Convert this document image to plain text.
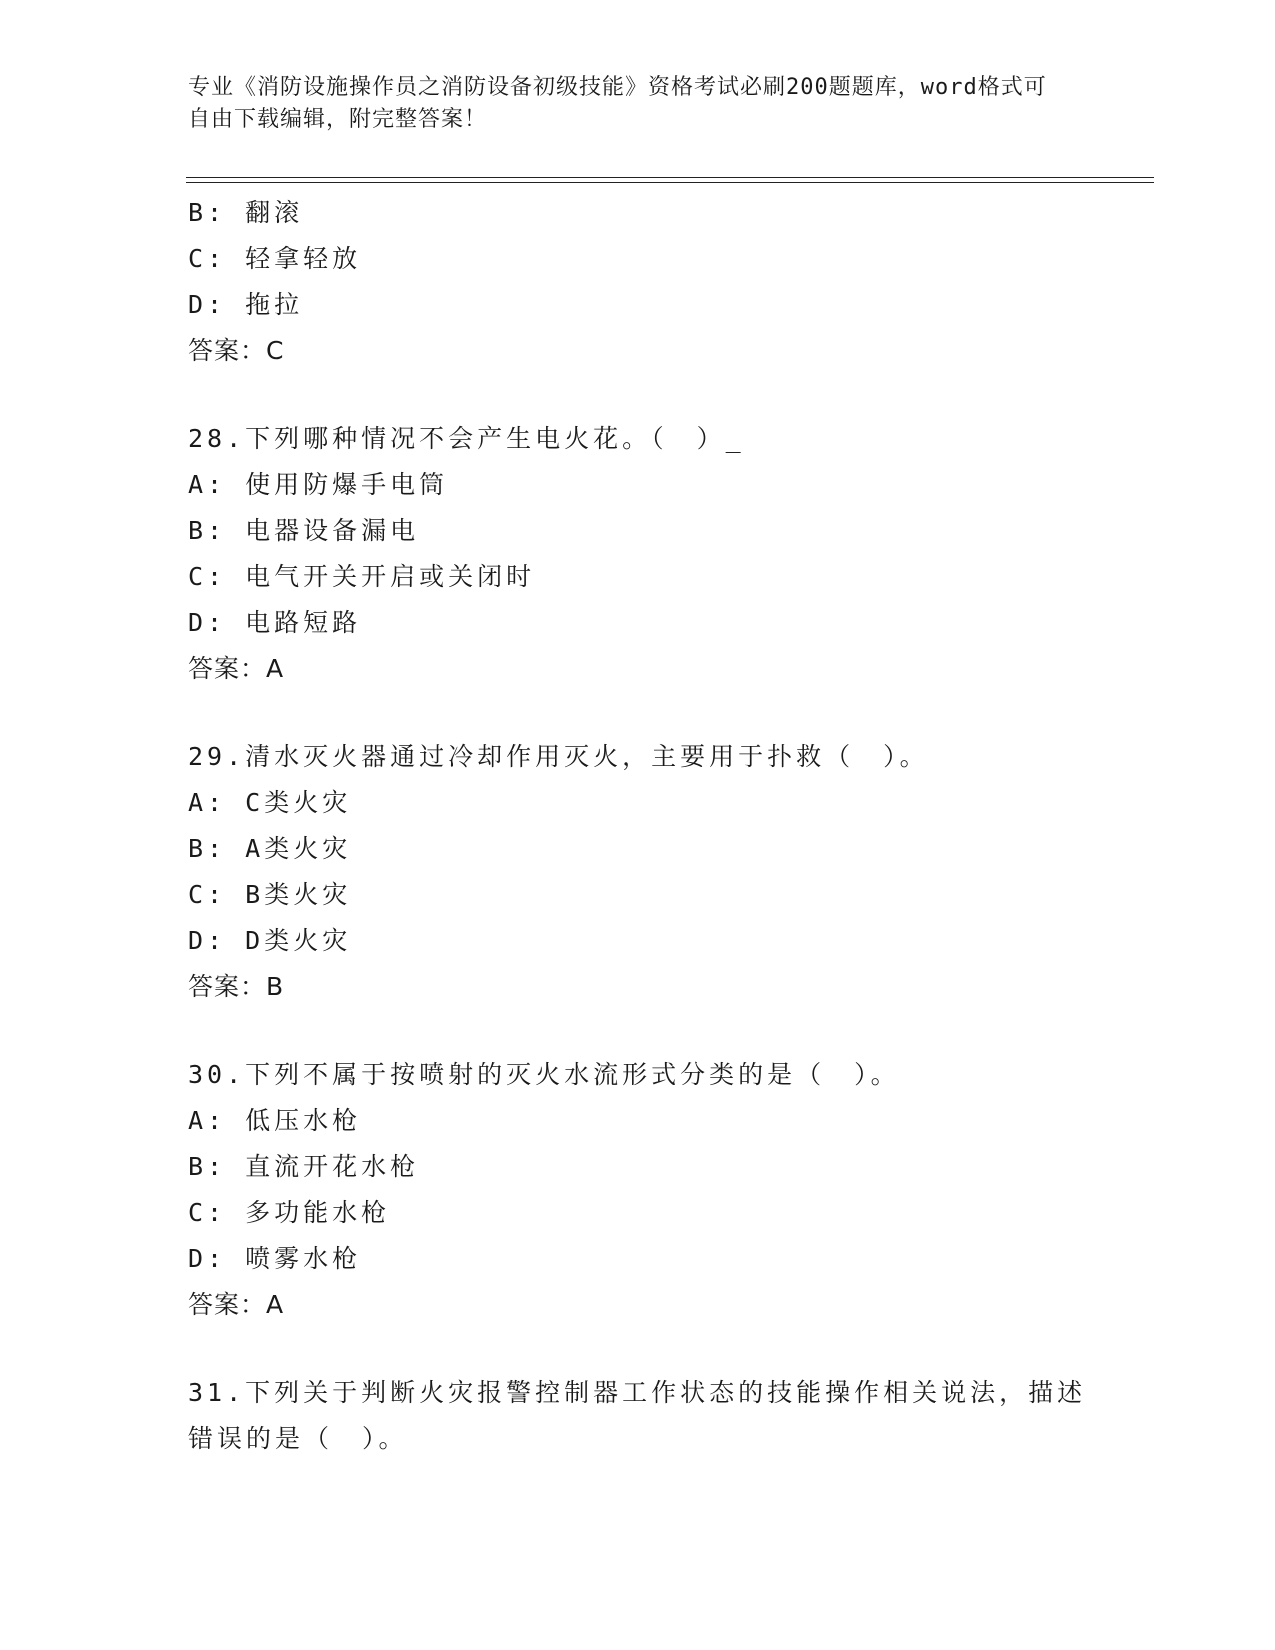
专业《消防设施操作员之消防设备初级技能》资格考试必刷200题题库，word格式可自由下载编辑，附完整答案！
B: 翻滚
C: 轻拿轻放
D: 拖拉
答案：C
28.下列哪种情况不会产生电火花。（　）_
A: 使用防爆手电筒
B: 电器设备漏电
C: 电气开关开启或关闭时
D: 电路短路
答案：A
29.清水灭火器通过冷却作用灭火，主要用于扑救（　）。
A: C类火灾
B: A类火灾
C: B类火灾
D: D类火灾
答案：B
30.下列不属于按喷射的灭火水流形式分类的是（　）。
A: 低压水枪
B: 直流开花水枪
C: 多功能水枪
D: 喷雾水枪
答案：A
31.下列关于判断火灾报警控制器工作状态的技能操作相关说法，描述错误的是（　）。
